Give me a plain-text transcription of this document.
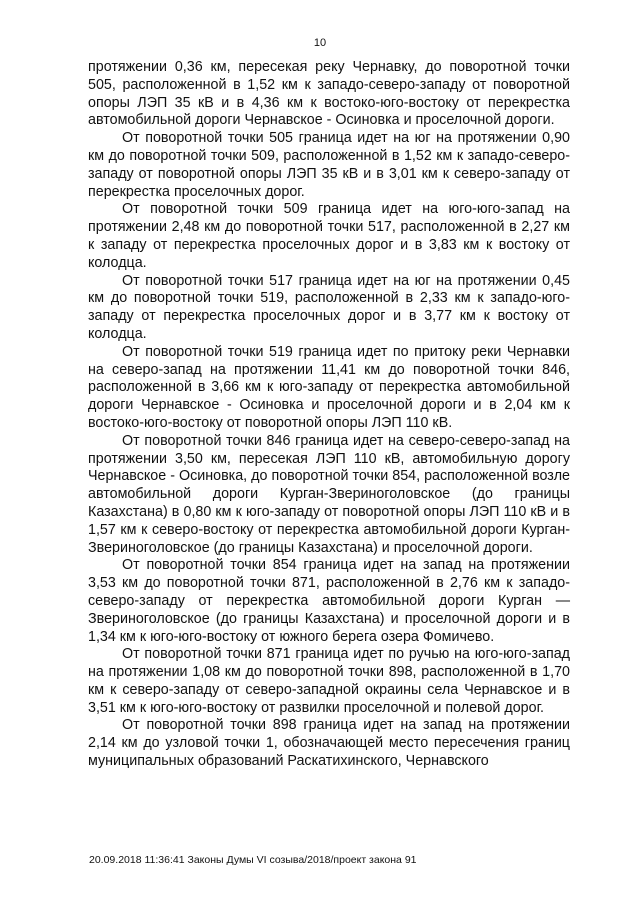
10

протяжении 0,36 км, пересекая реку Чернавку, до поворотной точки 505, расположенной в 1,52 км к западо-северо-западу от поворотной опоры ЛЭП 35 кВ и в 4,36 км к востоко-юго-востоку от перекрестка автомобильной дороги Чернавское - Осиновка и проселочной дороги.

От поворотной точки 505 граница идет на юг на протяжении 0,90 км до поворотной точки 509, расположенной в 1,52 км к западо-северо-западу от поворотной опоры ЛЭП 35 кВ и в 3,01 км к северо-западу от перекрестка проселочных дорог.

От поворотной точки 509 граница идет на юго-юго-запад на протяжении 2,48 км до поворотной точки 517, расположенной в 2,27 км к западу от перекрестка проселочных дорог и в 3,83 км к востоку от колодца.

От поворотной точки 517 граница идет на юг на протяжении 0,45 км до поворотной точки 519, расположенной в 2,33 км к западо-юго-западу от перекрестка проселочных дорог и в 3,77 км к востоку от колодца.

От поворотной точки 519 граница идет по притоку реки Чернавки на северо-запад на протяжении 11,41 км до поворотной точки 846, расположенной в 3,66 км к юго-западу от перекрестка автомобильной дороги Чернавское - Осиновка и проселочной дороги и в 2,04 км к востоко-юго-востоку от поворотной опоры ЛЭП 110 кВ.

От поворотной точки 846 граница идет на северо-северо-запад на протяжении 3,50 км, пересекая ЛЭП 110 кВ, автомобильную дорогу Чернавское - Осиновка, до поворотной точки 854, расположенной возле автомобильной дороги Курган-Звериноголовское (до границы Казахстана) в 0,80 км к юго-западу от поворотной опоры ЛЭП 110 кВ и в 1,57 км к северо-востоку от перекрестка автомобильной дороги Курган-Звериноголовское (до границы Казахстана) и проселочной дороги.

От поворотной точки 854 граница идет на запад на протяжении 3,53 км до поворотной точки 871, расположенной в 2,76 км к западо-северо-западу от перекрестка автомобильной дороги Курган — Звериноголовское (до границы Казахстана) и проселочной дороги и в 1,34 км к юго-юго-востоку от южного берега озера Фомичево.

От поворотной точки 871 граница идет по ручью на юго-юго-запад на протяжении 1,08 км до поворотной точки 898, расположенной в 1,70 км к северо-западу от северо-западной окраины села Чернавское и в 3,51 км к юго-юго-востоку от развилки проселочной и полевой дорог.

От поворотной точки 898 граница идет на запад на протяжении 2,14 км до узловой точки 1, обозначающей место пересечения границ муниципальных образований Раскатихинского, Чернавского

20.09.2018 11:36:41 Законы Думы VI созыва/2018/проект закона 91
